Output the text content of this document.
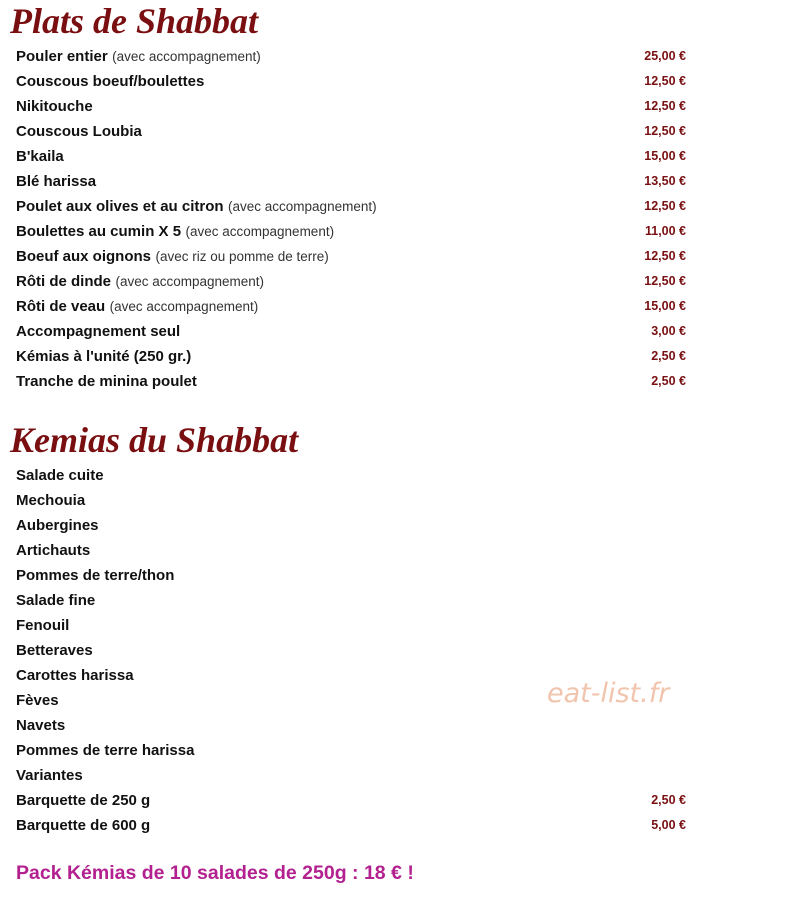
Plats de Shabbat
Pouler entier (avec accompagnement)	25,00 €
Couscous boeuf/boulettes	12,50 €
Nikitouche	12,50 €
Couscous Loubia	12,50 €
B'kaila	15,00 €
Blé harissa	13,50 €
Poulet aux olives et au citron (avec accompagnement)	12,50 €
Boulettes au cumin X 5 (avec accompagnement)	11,00 €
Boeuf aux oignons (avec riz ou pomme de terre)	12,50 €
Rôti de dinde (avec accompagnement)	12,50 €
Rôti de veau (avec accompagnement)	15,00 €
Accompagnement seul	3,00 €
Kémias à l'unité (250 gr.)	2,50 €
Tranche de minina poulet	2,50 €
Kemias du Shabbat
Salade cuite
Mechouia
Aubergines
Artichauts
Pommes de terre/thon
Salade fine
Fenouil
Betteraves
Carottes harissa
Fèves
Navets
Pommes de terre harissa
Variantes
Barquette de 250 g	2,50 €
Barquette de 600 g	5,00 €
eat-list.fr
Pack Kémias de 10 salades de 250g : 18 € !
